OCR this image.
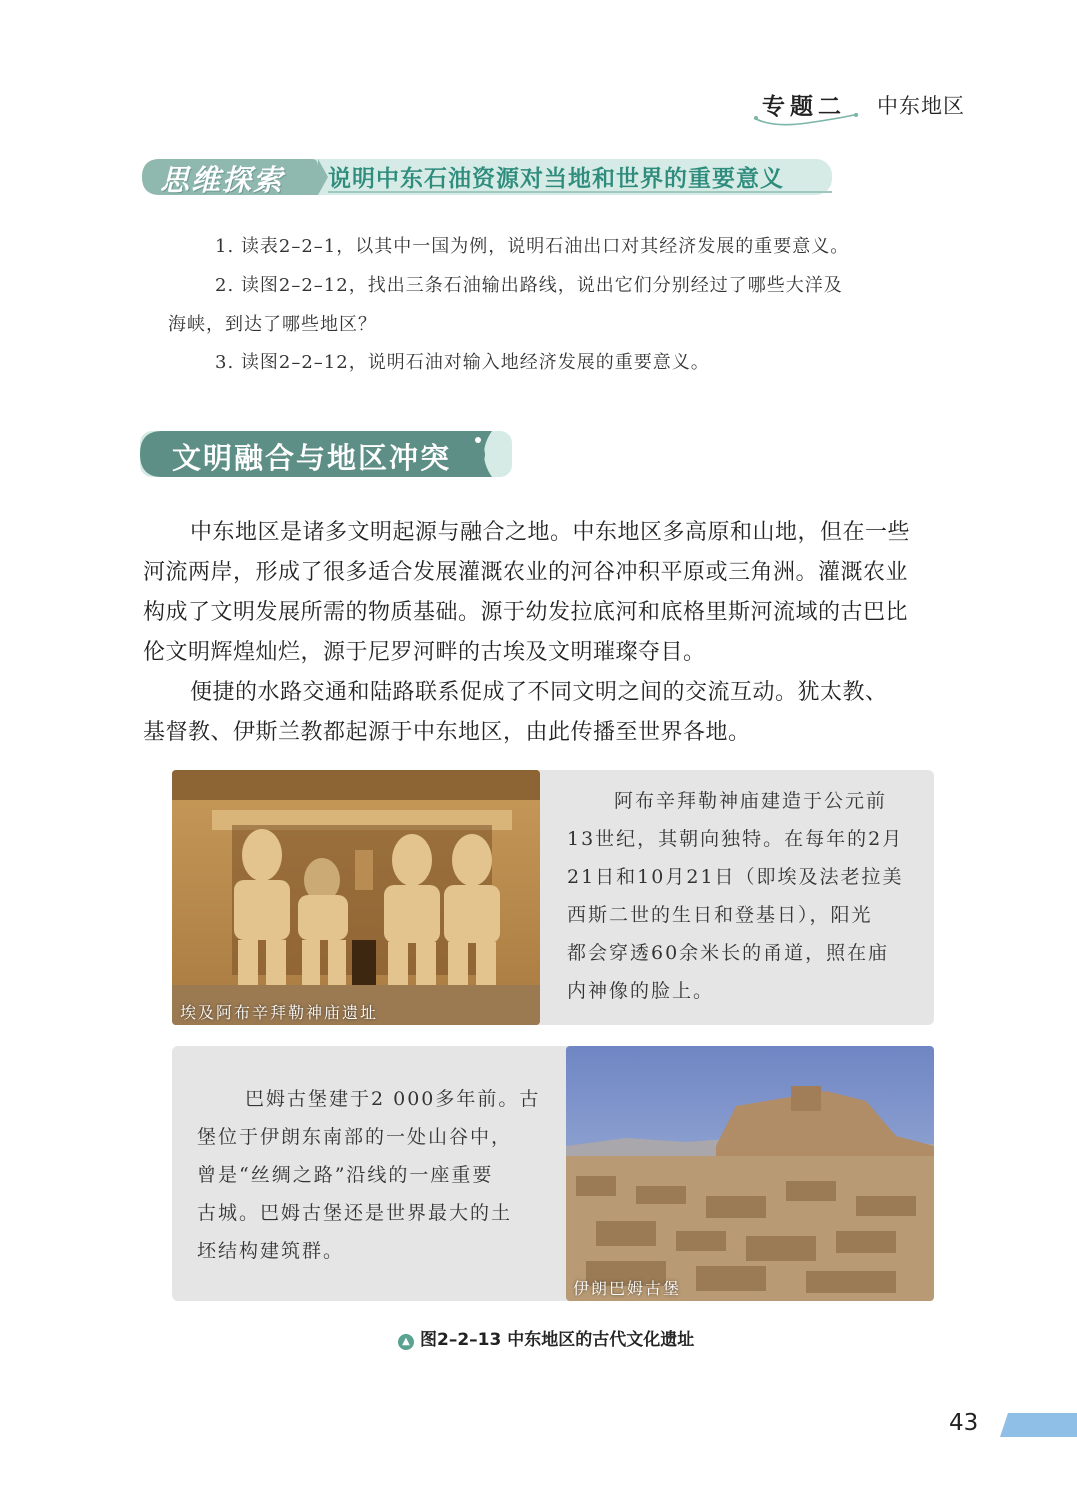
专题二 中东地区
思维探索 说明中东石油资源对当地和世界的重要意义
1. 读表2–2–1，以其中一国为例，说明石油出口对其经济发展的重要意义。
2. 读图2–2–12，找出三条石油输出路线，说出它们分别经过了哪些大洋及
海峡，到达了哪些地区？
3. 读图2–2–12，说明石油对输入地经济发展的重要意义。
文明融合与地区冲突
中东地区是诸多文明起源与融合之地。中东地区多高原和山地，但在一些
河流两岸，形成了很多适合发展灌溉农业的河谷冲积平原或三角洲。灌溉农业
构成了文明发展所需的物质基础。源于幼发拉底河和底格里斯河流域的古巴比
伦文明辉煌灿烂，源于尼罗河畔的古埃及文明璀璨夺目。
便捷的水路交通和陆路联系促成了不同文明之间的交流互动。犹太教、
基督教、伊斯兰教都起源于中东地区，由此传播至世界各地。
埃及阿布辛拜勒神庙遗址
阿布辛拜勒神庙建造于公元前
13世纪，其朝向独特。在每年的2月
21日和10月21日（即埃及法老拉美
西斯二世的生日和登基日），阳光
都会穿透60余米长的甬道，照在庙
内神像的脸上。
巴姆古堡建于2 000多年前。古
堡位于伊朗东南部的一处山谷中，
曾是“丝绸之路”沿线的一座重要
古城。巴姆古堡还是世界最大的土
坯结构建筑群。
伊朗巴姆古堡
▲ 图2–2–13 中东地区的古代文化遗址
43
